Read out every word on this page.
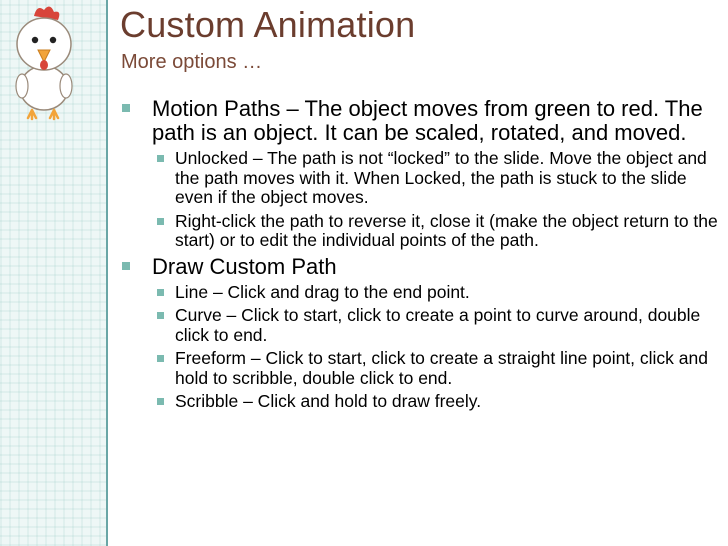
Custom Animation
More options …
Motion Paths – The object moves from green to red. The path is an object. It can be scaled, rotated, and moved.
Unlocked – The path is not “locked” to the slide. Move the object and the path moves with it. When Locked, the path is stuck to the slide even if the object moves.
Right-click the path to reverse it, close it (make the object return to the start) or to edit the individual points of the path.
Draw Custom Path
Line – Click and drag to the end point.
Curve – Click to start, click to create a point to curve around, double click to end.
Freeform – Click to start, click to create a straight line point, click and hold to scribble, double click to end.
Scribble – Click and hold to draw freely.
